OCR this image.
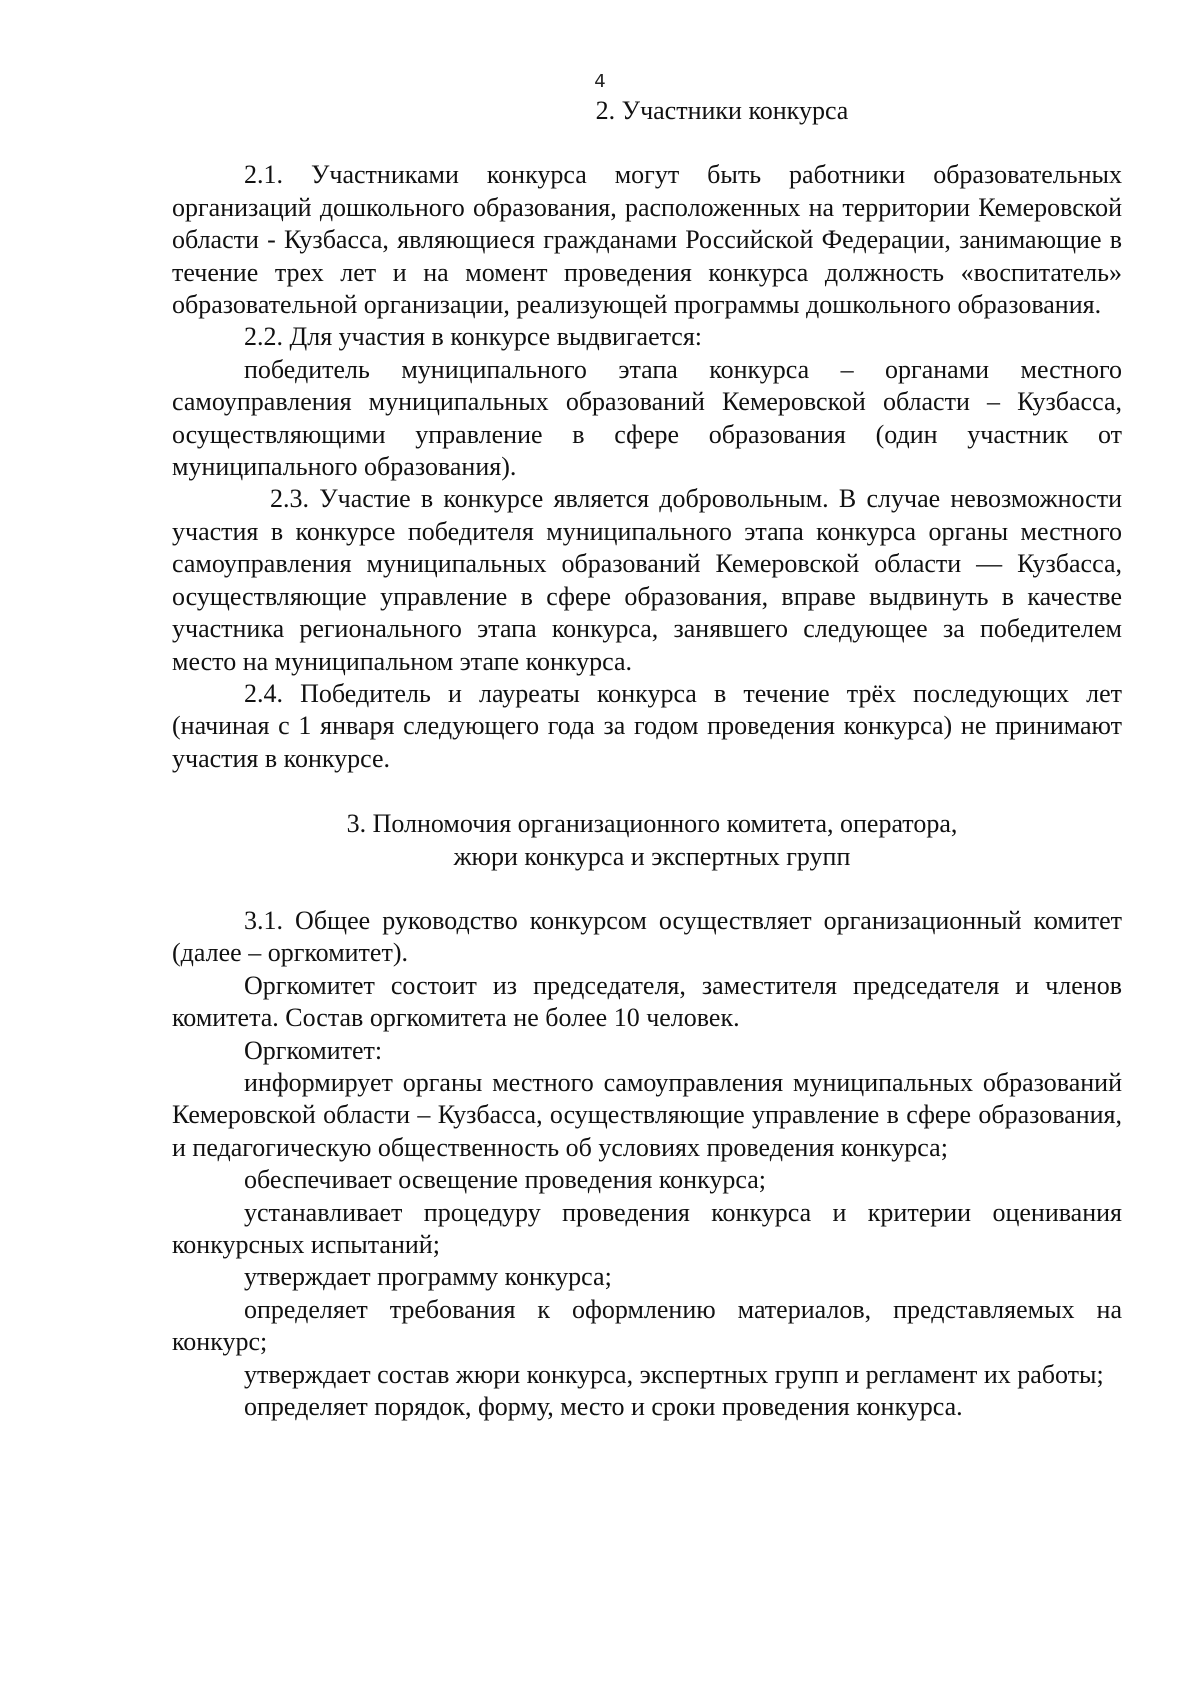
4
2. Участники конкурса

2.1. Участниками конкурса могут быть работники образовательных организаций дошкольного образования, расположенных на территории Кемеровской области - Кузбасса, являющиеся гражданами Российской Федерации, занимающие в течение трех лет и на момент проведения конкурса должность «воспитатель» образовательной организации, реализующей программы дошкольного образования.

2.2. Для участия в конкурсе выдвигается:

победитель муниципального этапа конкурса – органами местного самоуправления муниципальных образований Кемеровской области – Кузбасса, осуществляющими управление в сфере образования (один участник от муниципального образования).

2.3. Участие в конкурсе является добровольным. В случае невозможности участия в конкурсе победителя муниципального этапа конкурса органы местного самоуправления муниципальных образований Кемеровской области — Кузбасса, осуществляющие управление в сфере образования, вправе выдвинуть в качестве участника регионального этапа конкурса, занявшего следующее за победителем место на муниципальном этапе конкурса.

2.4. Победитель и лауреаты конкурса в течение трёх последующих лет (начиная с 1 января следующего года за годом проведения конкурса) не принимают участия в конкурсе.

3. Полномочия организационного комитета, оператора,
жюри конкурса и экспертных групп

3.1. Общее руководство конкурсом осуществляет организационный комитет (далее – оргкомитет).

Оргкомитет состоит из председателя, заместителя председателя и членов комитета. Состав оргкомитета не более 10 человек.

Оргкомитет:

информирует органы местного самоуправления муниципальных образований Кемеровской области – Кузбасса, осуществляющие управление в сфере образования, и педагогическую общественность об условиях проведения конкурса;

обеспечивает освещение проведения конкурса;

устанавливает процедуру проведения конкурса и критерии оценивания конкурсных испытаний;

утверждает программу конкурса;

определяет требования к оформлению материалов, представляемых на конкурс;

утверждает состав жюри конкурса, экспертных групп и регламент их работы;

определяет порядок, форму, место и сроки проведения конкурса.
